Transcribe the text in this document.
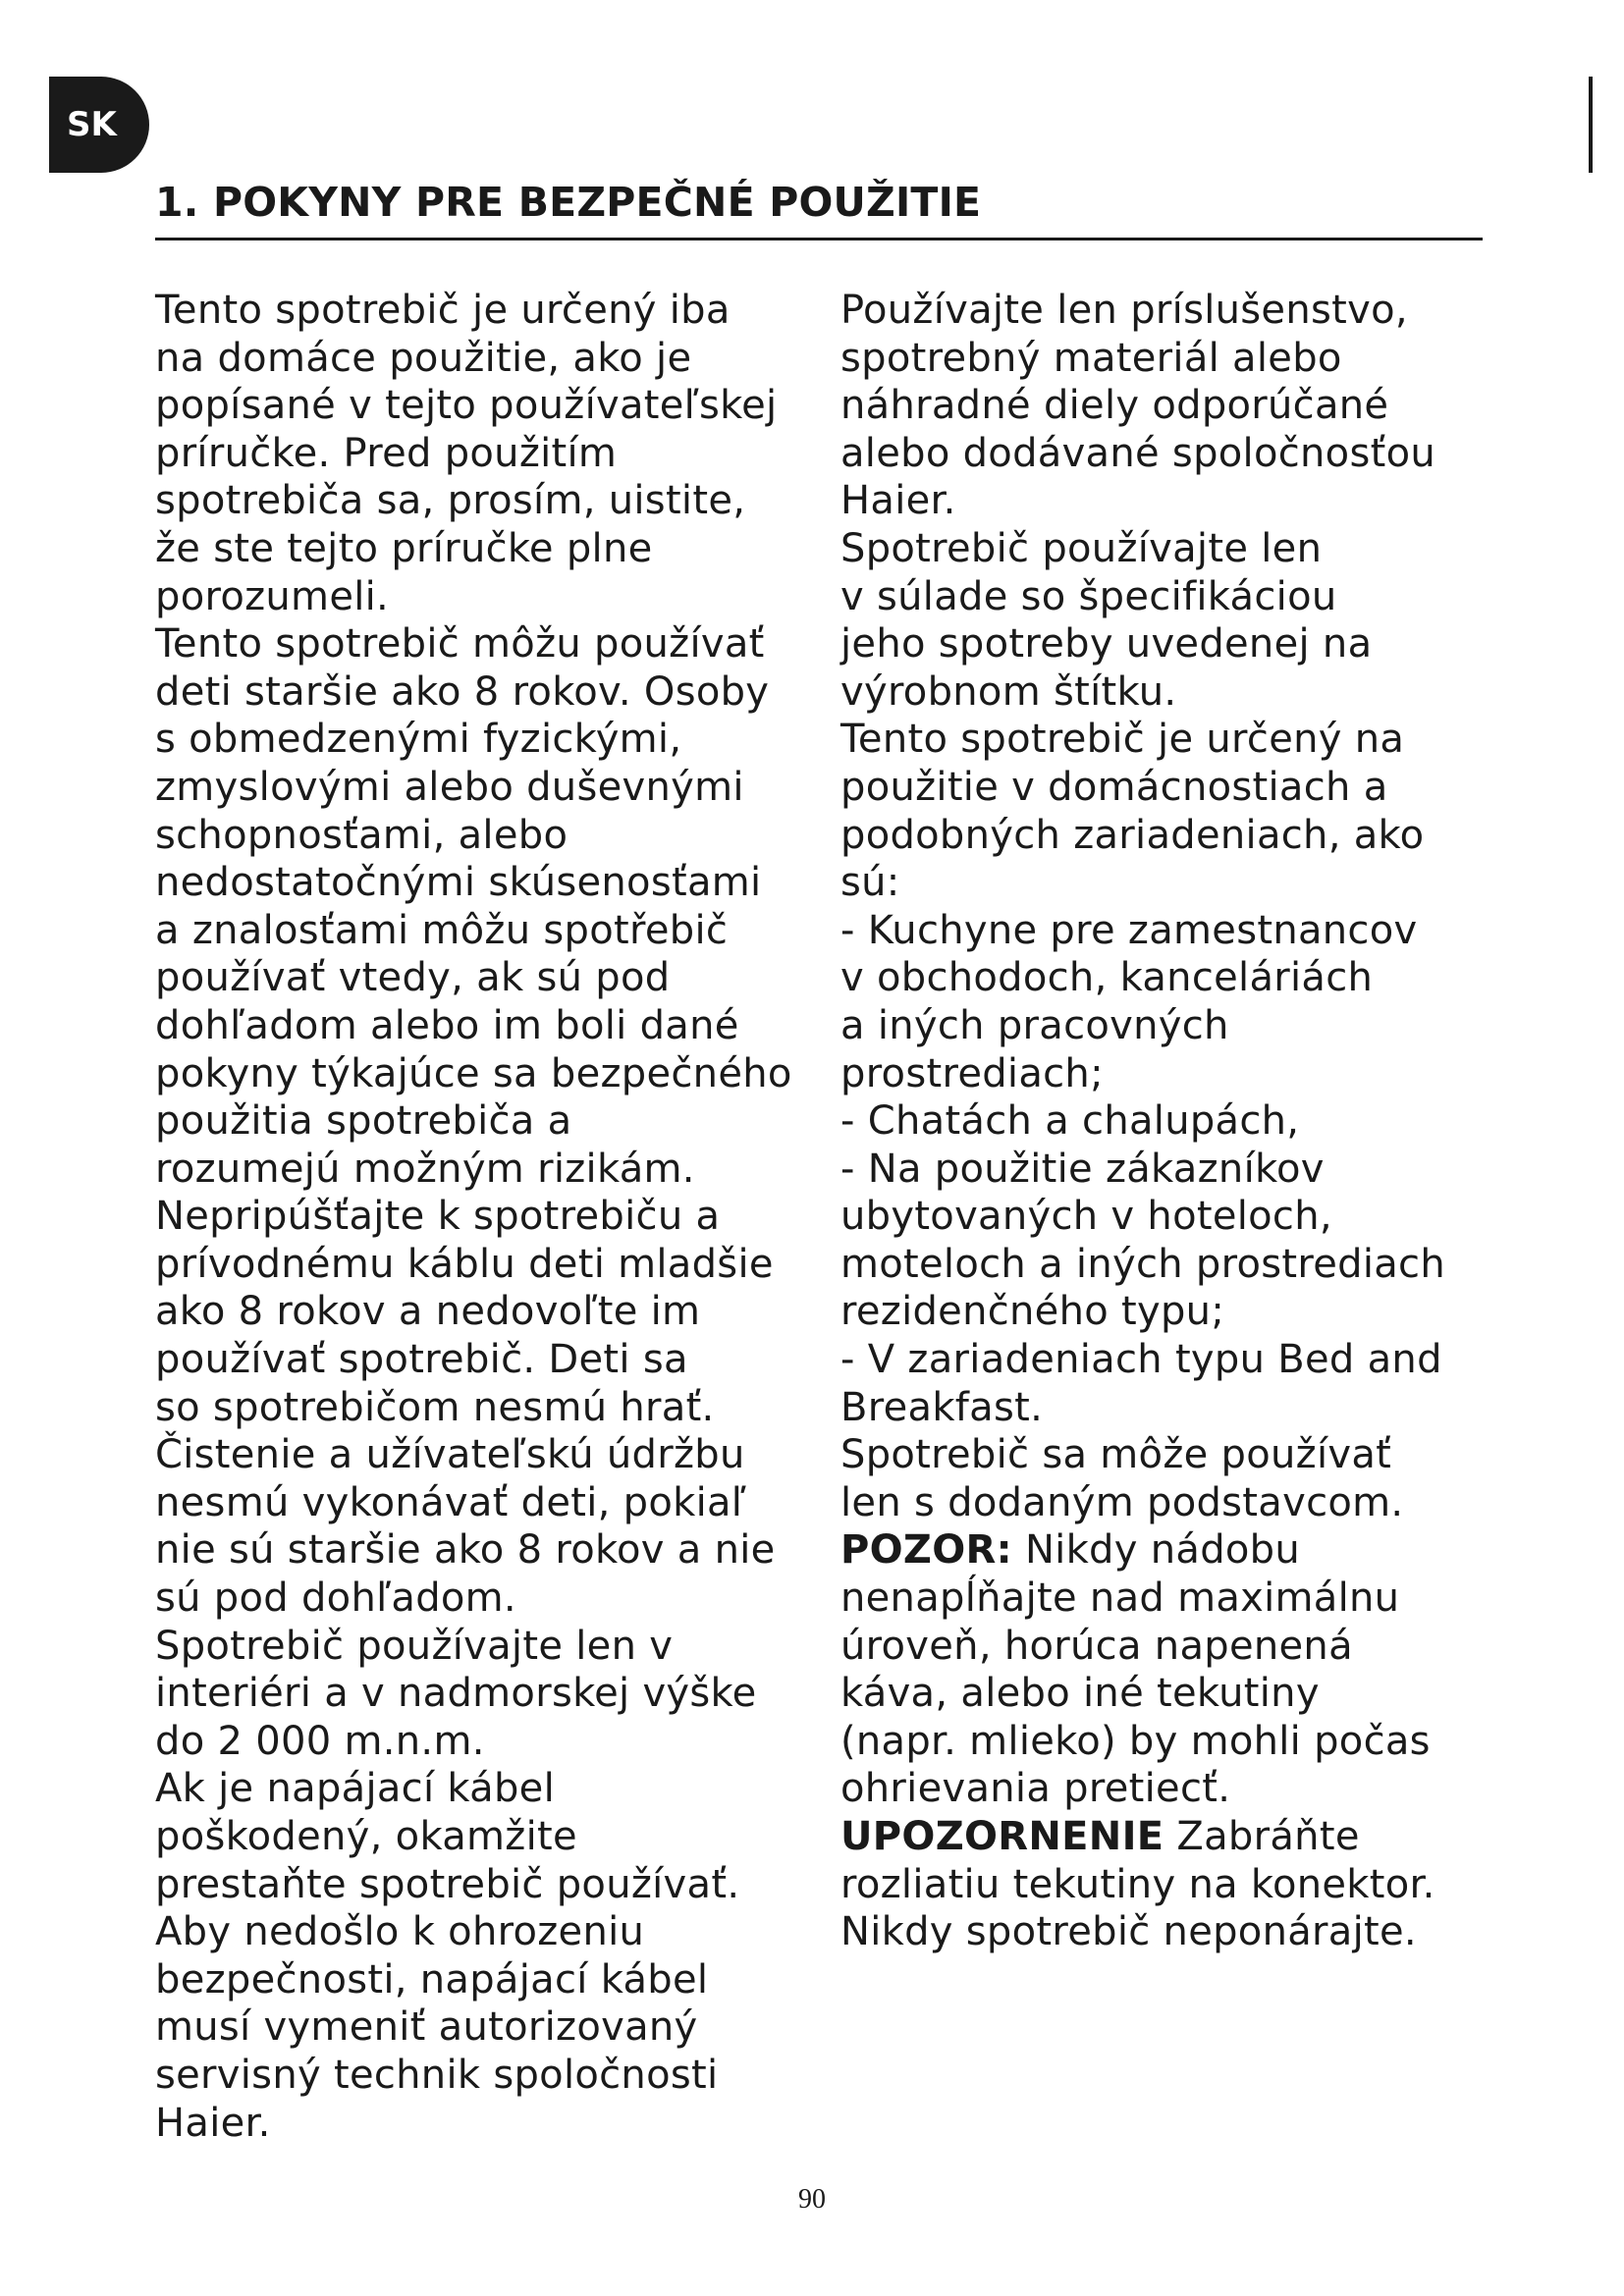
SK
1. POKYNY PRE BEZPEČNÉ POUŽITIE
Tento spotrebič je určený iba
na domáce použitie, ako je
popísané v tejto používateľskej
príručke. Pred použitím
spotrebiča sa, prosím, uistite,
že ste tejto príručke plne
porozumeli.
Tento spotrebič môžu používať
deti staršie ako 8 rokov. Osoby
s obmedzenými fyzickými,
zmyslovými alebo duševnými
schopnosťami, alebo
nedostatočnými skúsenosťami
a znalosťami môžu spotřebič
používať vtedy, ak sú pod
dohľadom alebo im boli dané
pokyny týkajúce sa bezpečného
použitia spotrebiča a
rozumejú možným rizikám.
Nepripúšťajte k spotrebiču a
prívodnému káblu deti mladšie
ako 8 rokov a nedovoľte im
používať spotrebič. Deti sa
so spotrebičom nesmú hrať.
Čistenie a užívateľskú údržbu
nesmú vykonávať deti, pokiaľ
nie sú staršie ako 8 rokov a nie
sú pod dohľadom.
Spotrebič používajte len v
interiéri a v nadmorskej výške
do 2 000 m.n.m.
Ak je napájací kábel
poškodený, okamžite
prestaňte spotrebič používať.
Aby nedošlo k ohrozeniu
bezpečnosti, napájací kábel
musí vymeniť autorizovaný
servisný technik spoločnosti
Haier.
Používajte len príslušenstvo,
spotrebný materiál alebo
náhradné diely odporúčané
alebo dodávané spoločnosťou
Haier.
Spotrebič používajte len
v súlade so špecifikáciou
jeho spotreby uvedenej na
výrobnom štítku.
Tento spotrebič je určený na
použitie v domácnostiach a
podobných zariadeniach, ako
sú:
- Kuchyne pre zamestnancov
v obchodoch, kanceláriách
a iných pracovných
prostrediach;
- Chatách a chalupách,
- Na použitie zákazníkov
ubytovaných v hoteloch,
moteloch a iných prostrediach
rezidenčného typu;
- V zariadeniach typu Bed and
Breakfast.
Spotrebič sa môže používať
len s dodaným podstavcom.
POZOR: Nikdy nádobu
nenapĺňajte nad maximálnu
úroveň, horúca napenená
káva, alebo iné tekutiny
(napr. mlieko) by mohli počas
ohrievania pretiecť.
UPOZORNENIE Zabráňte
rozliatiu tekutiny na konektor.
Nikdy spotrebič neponárajte.
90
